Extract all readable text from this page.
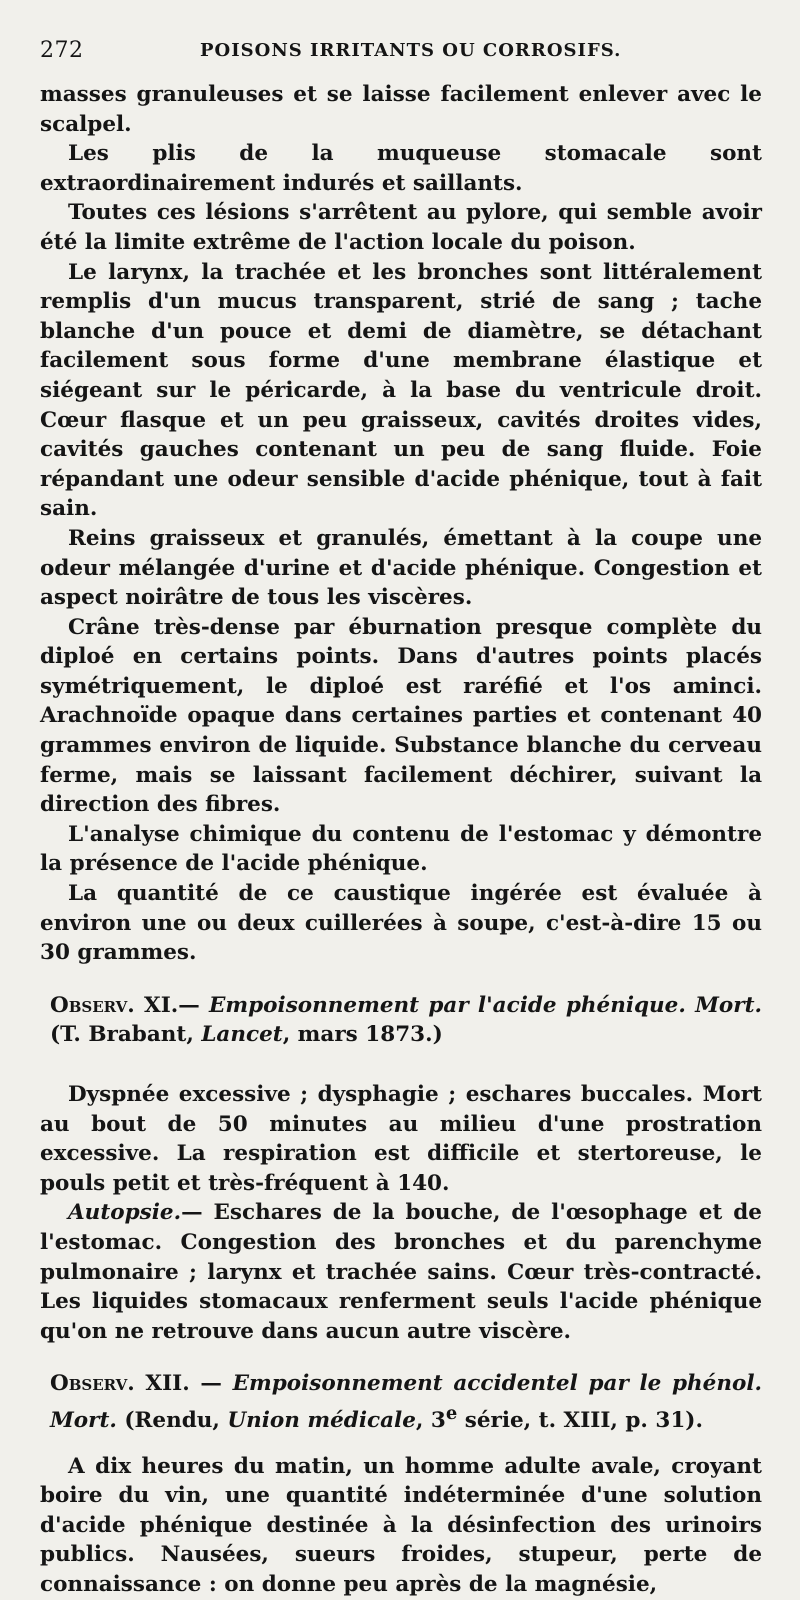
272	POISONS IRRITANTS OU CORROSIFS.

masses granuleuses et se laisse facilement enlever avec le scalpel.

Les plis de la muqueuse stomacale sont extraordinairement indurés et saillants.

Toutes ces lésions s'arrêtent au pylore, qui semble avoir été la limite extrême de l'action locale du poison.

Le larynx, la trachée et les bronches sont littéralement remplis d'un mucus transparent, strié de sang ; tache blanche d'un pouce et demi de diamètre, se détachant facilement sous forme d'une membrane élastique et siégeant sur le péricarde, à la base du ventricule droit. Cœur flasque et un peu graisseux, cavités droites vides, cavités gauches contenant un peu de sang fluide. Foie répandant une odeur sensible d'acide phénique, tout à fait sain.

Reins graisseux et granulés, émettant à la coupe une odeur mélangée d'urine et d'acide phénique. Congestion et aspect noirâtre de tous les viscères.

Crâne très-dense par éburnation presque complète du diploé en certains points. Dans d'autres points placés symétriquement, le diploé est raréfié et l'os aminci. Arachnoïde opaque dans certaines parties et contenant 40 grammes environ de liquide. Substance blanche du cerveau ferme, mais se laissant facilement déchirer, suivant la direction des fibres.

L'analyse chimique du contenu de l'estomac y démontre la présence de l'acide phénique.

La quantité de ce caustique ingérée est évaluée à environ une ou deux cuillerées à soupe, c'est-à-dire 15 ou 30 grammes.

Observ. XI.— Empoisonnement par l'acide phénique. Mort. (T. Brabant, Lancet, mars 1873.)

Dyspnée excessive ; dysphagie ; eschares buccales. Mort au bout de 50 minutes au milieu d'une prostration excessive. La respiration est difficile et stertoreuse, le pouls petit et très-fréquent à 140.

Autopsie.— Eschares de la bouche, de l'œsophage et de l'estomac. Congestion des bronches et du parenchyme pulmonaire ; larynx et trachée sains. Cœur très-contracté. Les liquides stomacaux renferment seuls l'acide phénique qu'on ne retrouve dans aucun autre viscère.

Observ. XII. — Empoisonnement accidentel par le phénol. Mort. (Rendu, Union médicale, 3e série, t. XIII, p. 31).

A dix heures du matin, un homme adulte avale, croyant boire du vin, une quantité indéterminée d'une solution d'acide phénique destinée à la désinfection des urinoirs publics. Nausées, sueurs froides, stupeur, perte de connaissance : on donne peu après de la magnésie,
